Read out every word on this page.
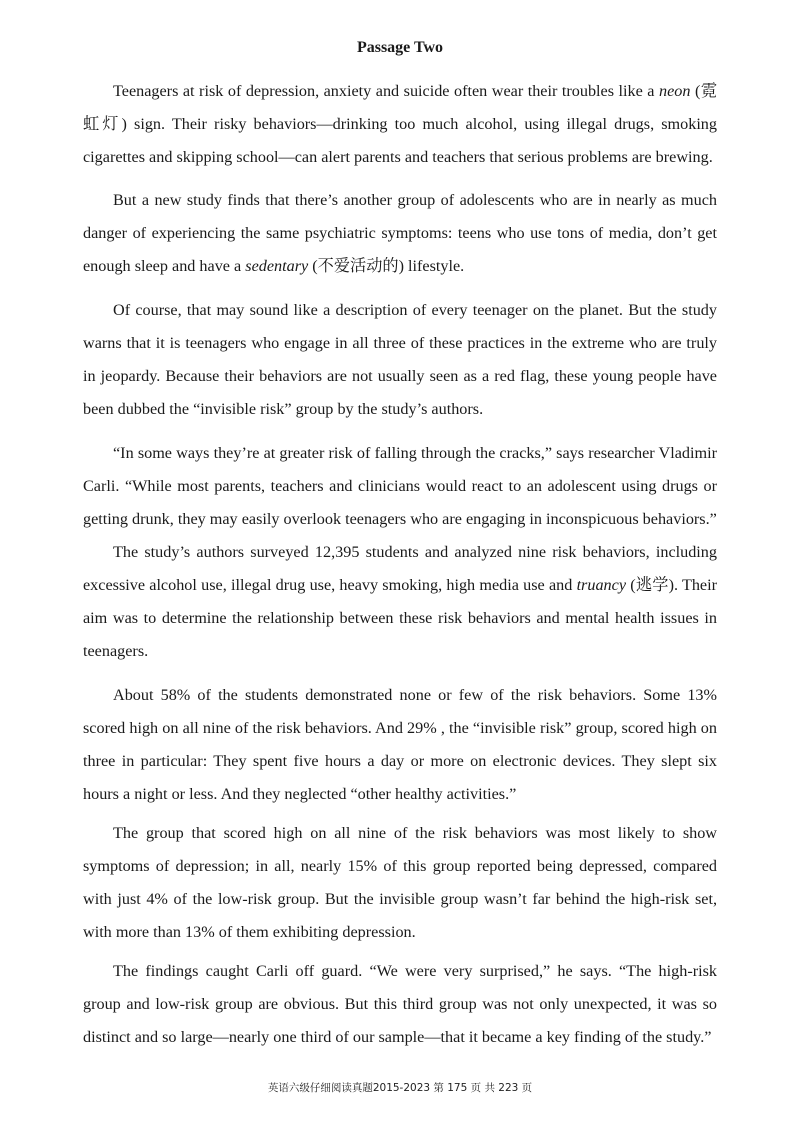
Passage Two

Teenagers at risk of depression, anxiety and suicide often wear their troubles like a neon (霓虹灯) sign. Their risky behaviors—drinking too much alcohol, using illegal drugs, smoking cigarettes and skipping school—can alert parents and teachers that serious problems are brewing.

But a new study finds that there’s another group of adolescents who are in nearly as much danger of experiencing the same psychiatric symptoms: teens who use tons of media, don’t get enough sleep and have a sedentary (不爱活动的) lifestyle.

Of course, that may sound like a description of every teenager on the planet. But the study warns that it is teenagers who engage in all three of these practices in the extreme who are truly in jeopardy. Because their behaviors are not usually seen as a red flag, these young people have been dubbed the “invisible risk” group by the study’s authors.

“In some ways they’re at greater risk of falling through the cracks,” says researcher Vladimir Carli. “While most parents, teachers and clinicians would react to an adolescent using drugs or getting drunk, they may easily overlook teenagers who are engaging in inconspicuous behaviors.”

The study’s authors surveyed 12,395 students and analyzed nine risk behaviors, including excessive alcohol use, illegal drug use, heavy smoking, high media use and truancy (逃学). Their aim was to determine the relationship between these risk behaviors and mental health issues in teenagers.

About 58% of the students demonstrated none or few of the risk behaviors. Some 13% scored high on all nine of the risk behaviors. And 29% , the “invisible risk” group, scored high on three in particular: They spent five hours a day or more on electronic devices. They slept six hours a night or less. And they neglected “other healthy activities.”

The group that scored high on all nine of the risk behaviors was most likely to show symptoms of depression; in all, nearly 15% of this group reported being depressed, compared with just 4% of the low-risk group. But the invisible group wasn’t far behind the high-risk set, with more than 13% of them exhibiting depression.

The findings caught Carli off guard. “We were very surprised,” he says. “The high-risk group and low-risk group are obvious. But this third group was not only unexpected, it was so distinct and so large—nearly one third of our sample—that it became a key finding of the study.”

英语六级仔细阅读真题2015-2023 第 175 页 共 223 页
